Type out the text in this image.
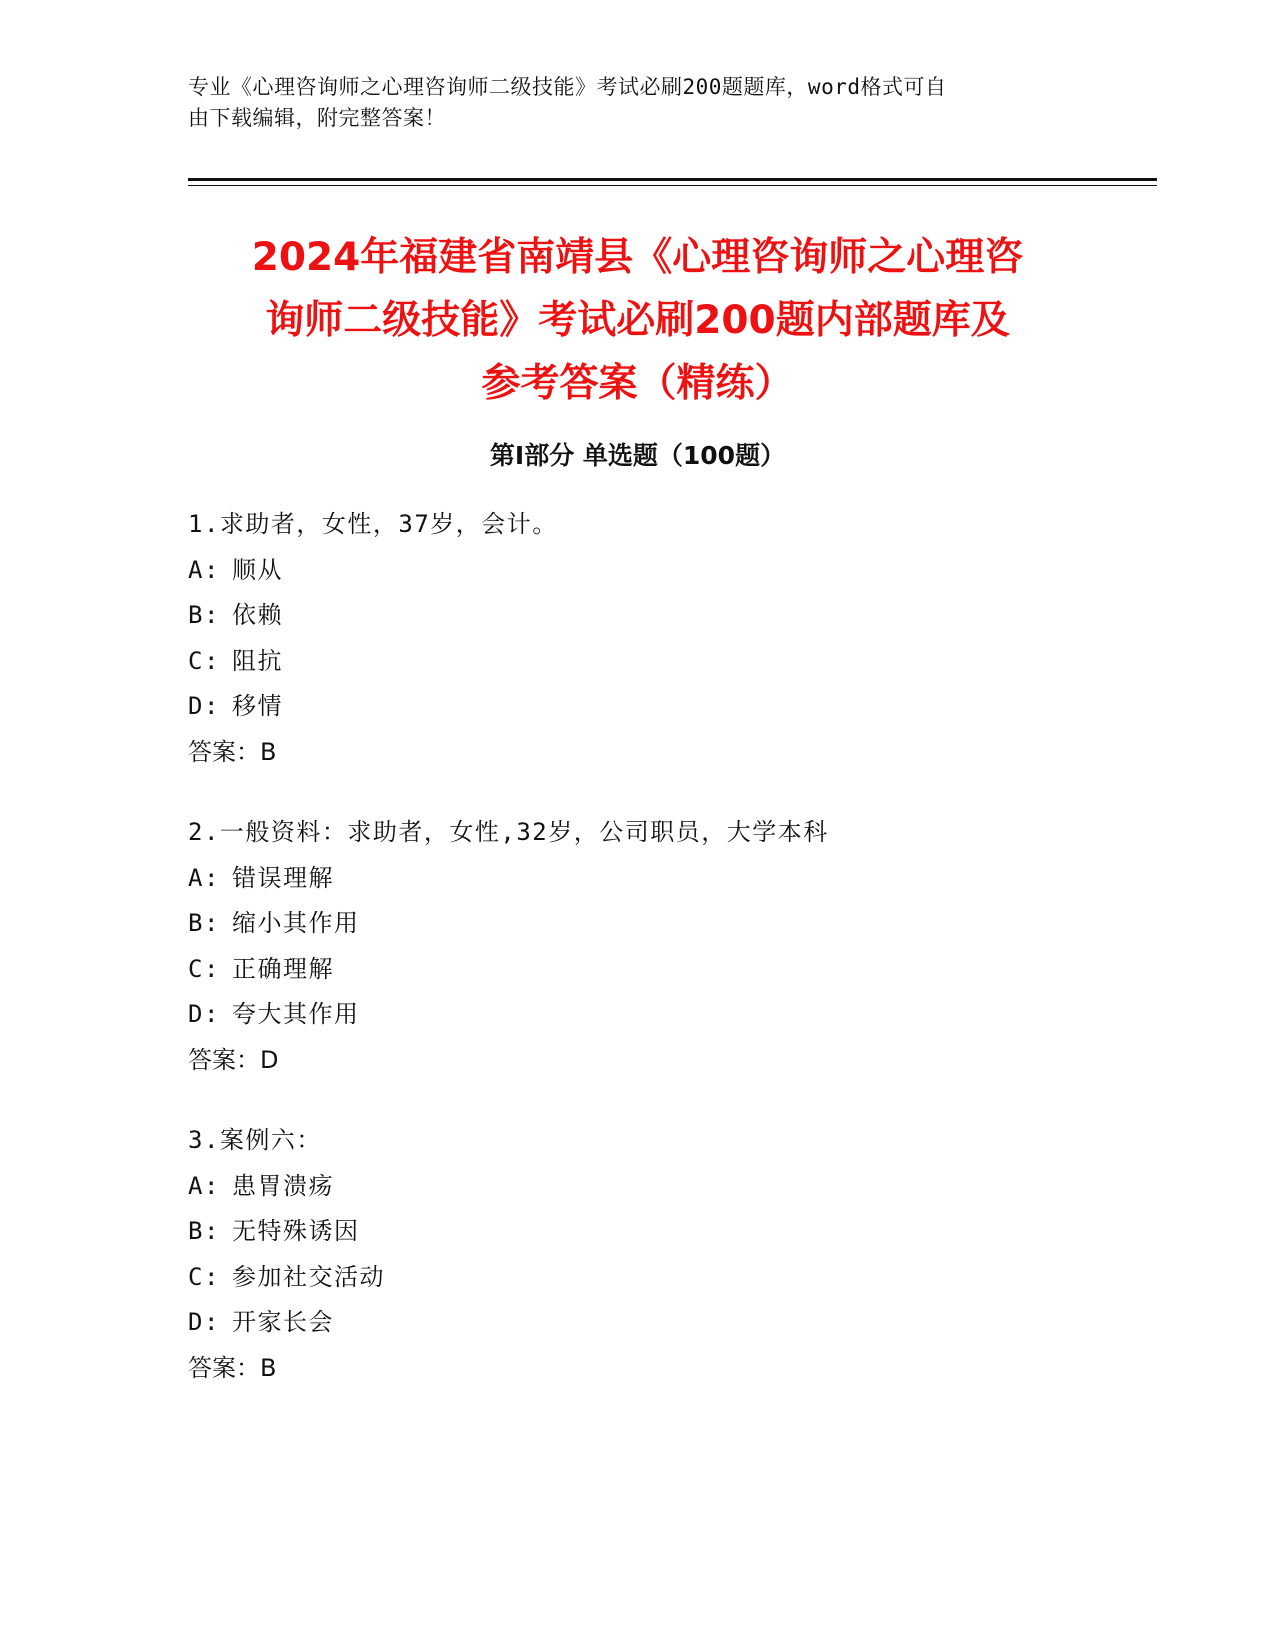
专业《心理咨询师之心理咨询师二级技能》考试必刷200题题库，word格式可自
由下载编辑，附完整答案！
2024年福建省南靖县《心理咨询师之心理咨
询师二级技能》考试必刷200题内部题库及
参考答案（精练）
第Ⅰ部分 单选题（100题）
1.求助者，女性，37岁，会计。
A: 顺从
B: 依赖
C: 阻抗
D: 移情
答案：B
2.一般资料：求助者，女性,32岁，公司职员，大学本科
A: 错误理解
B: 缩小其作用
C: 正确理解
D: 夸大其作用
答案：D
3.案例六：
A: 患胃溃疡
B: 无特殊诱因
C: 参加社交活动
D: 开家长会
答案：B
